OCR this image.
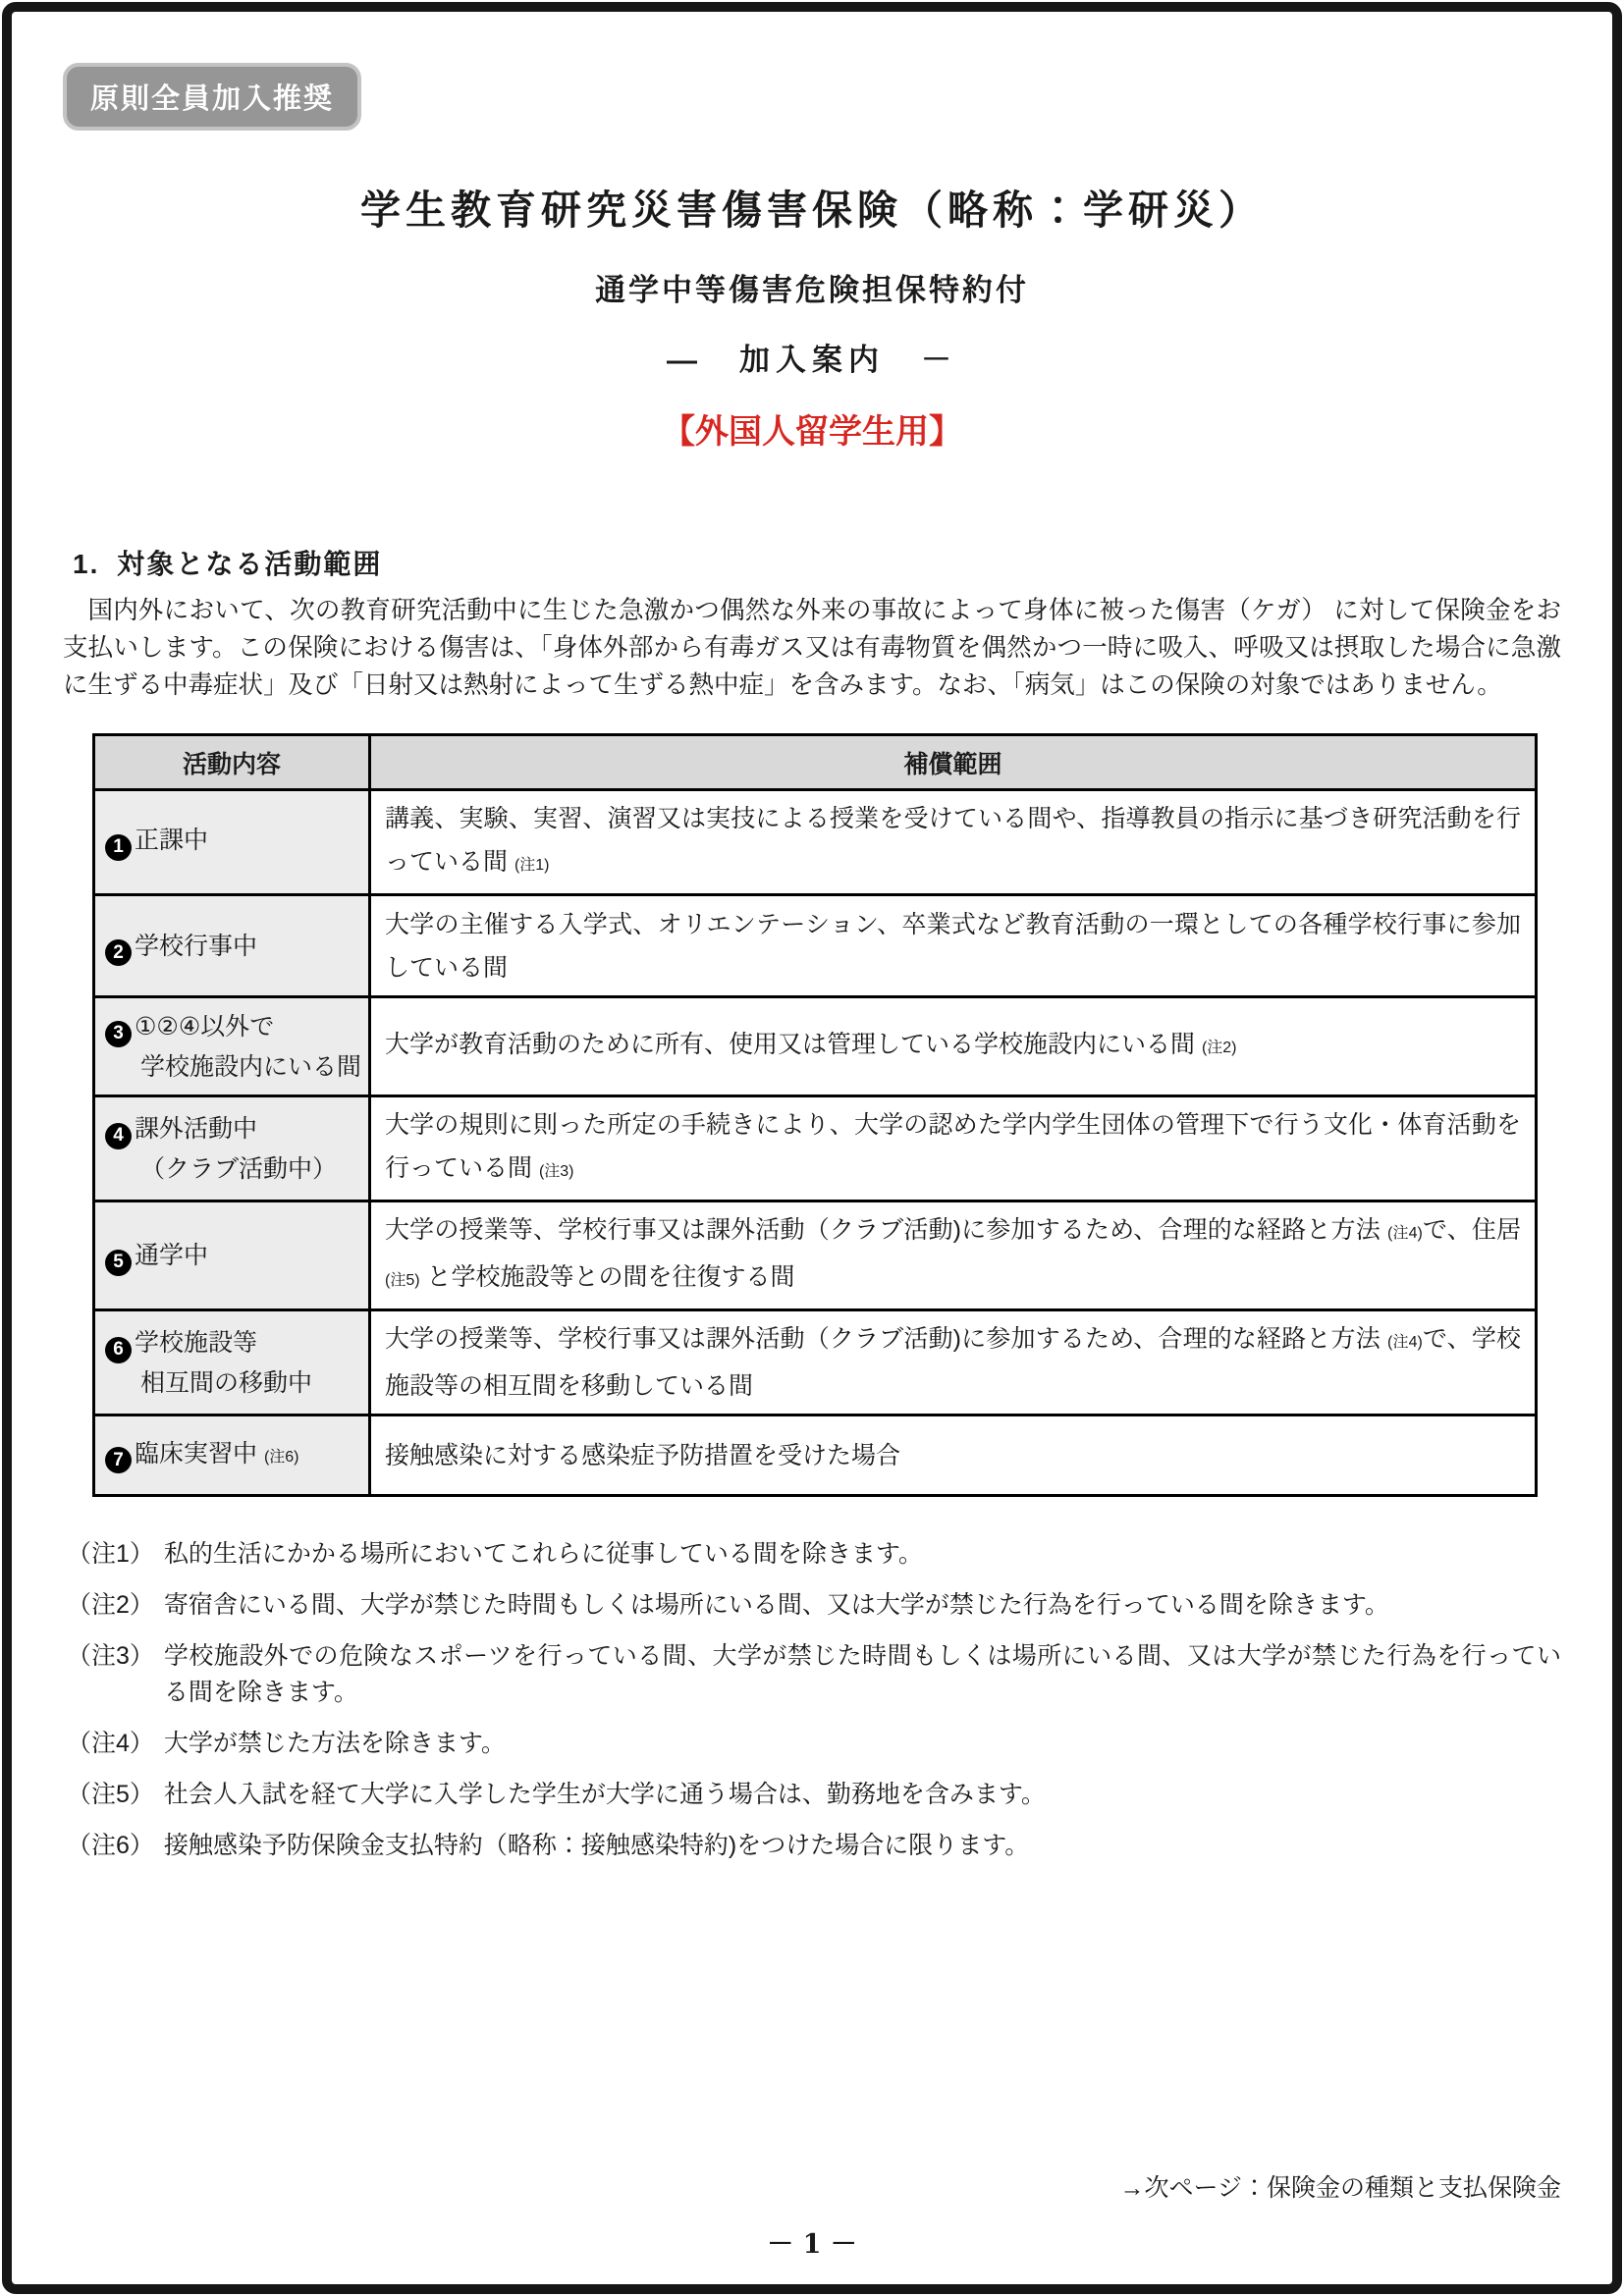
原則全員加入推奨
学生教育研究災害傷害保険（略称：学研災）
通学中等傷害危険担保特約付
―　加入案内　－
【外国人留学生用】
1. 対象となる活動範囲

国内外において、次の教育研究活動中に生じた急激かつ偶然な外来の事故によって身体に被った傷害（ケガ） に対して保険金をお支払いします。この保険における傷害は、「身体外部から有毒ガス又は有毒物質を偶然かつ一時に吸入、呼吸又は摂取した場合に急激に生ずる中毒症状」及び「日射又は熱射によって生ずる熱中症」を含みます。なお、「病気」はこの保険の対象ではありません。

活動内容	補償範囲

1 正課中	講義、実験、実習、演習又は実技による授業を受けている間や、指導教員の指示に基づき研究活動を行っている間 (注1)

2 学校行事中	大学の主催する入学式、オリエンテーション、卒業式など教育活動の一環としての各種学校行事に参加している間

3 ①②④以外で
学校施設内にいる間	大学が教育活動のために所有、使用又は管理している学校施設内にいる間 (注2)

4 課外活動中
（クラブ活動中）	大学の規則に則った所定の手続きにより、大学の認めた学内学生団体の管理下で行う文化・体育活動を行っている間 (注3)

5 通学中	大学の授業等、学校行事又は課外活動（クラブ活動)に参加するため、合理的な経路と方法 (注4)で、住居 (注5) と学校施設等との間を往復する間

6 学校施設等
相互間の移動中	大学の授業等、学校行事又は課外活動（クラブ活動)に参加するため、合理的な経路と方法 (注4)で、学校施設等の相互間を移動している間

7 臨床実習中 (注6)	接触感染に対する感染症予防措置を受けた場合
（注1） 私的生活にかかる場所においてこれらに従事している間を除きます。
（注2） 寄宿舎にいる間、大学が禁じた時間もしくは場所にいる間、又は大学が禁じた行為を行っている間を除きます。
（注3） 学校施設外での危険なスポーツを行っている間、大学が禁じた時間もしくは場所にいる間、又は大学が禁じた行為を行っている間を除きます。
（注4） 大学が禁じた方法を除きます。
（注5） 社会人入試を経て大学に入学した学生が大学に通う場合は、勤務地を含みます。
（注6） 接触感染予防保険金支払特約（略称：接触感染特約)をつけた場合に限ります。
→次ページ：保険金の種類と支払保険金
－ 1 －
